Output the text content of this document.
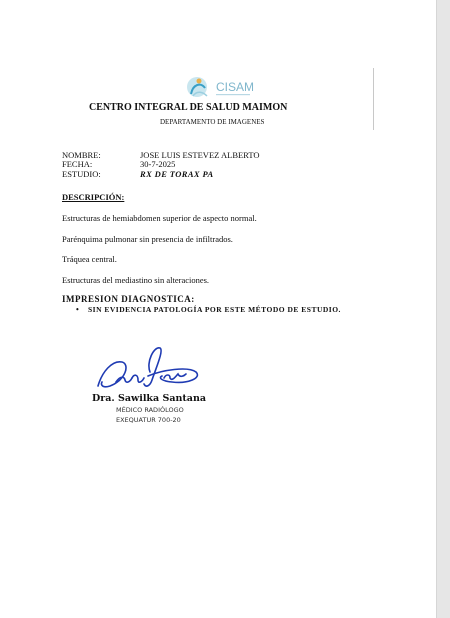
CISAM
CENTRO INTEGRAL DE SALUD MAIMON
DEPARTAMENTO DE IMAGENES
NOMBRE:	JOSE LUIS ESTEVEZ ALBERTO
FECHA:	30-7-2025
ESTUDIO:	RX DE TORAX PA
DESCRIPCIÓN:
Estructuras de hemiabdomen superior de aspecto normal.
Parénquima pulmonar sin presencia de infiltrados.
Tráquea central.
Estructuras del mediastino sin alteraciones.
IMPRESION DIAGNOSTICA:
• SIN EVIDENCIA PATOLOGÍA POR ESTE MÉTODO DE ESTUDIO.
Dra. Sawilka Santana
MÉDICO RADIÓLOGO
EXEQUATUR 700-20
